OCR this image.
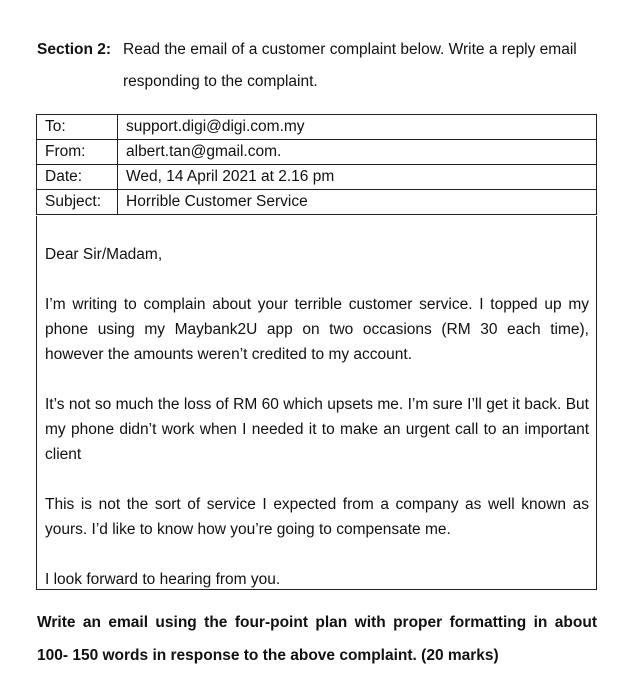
Section 2: Read the email of a customer complaint below. Write a reply email responding to the complaint.
To:	support.digi@digi.com.my
From:	albert.tan@gmail.com.
Date:	Wed, 14 April 2021 at 2.16 pm
Subject:	Horrible Customer Service

Dear Sir/Madam,

I’m writing to complain about your terrible customer service. I topped up my phone using my Maybank2U app on two occasions (RM 30 each time), however the amounts weren’t credited to my account.

It’s not so much the loss of RM 60 which upsets me. I’m sure I’ll get it back. But my phone didn’t work when I needed it to make an urgent call to an important client

This is not the sort of service I expected from a company as well known as yours. I’d like to know how you’re going to compensate me.

I look forward to hearing from you.

Write an email using the four-point plan with proper formatting in about 100- 150 words in response to the above complaint. (20 marks)
